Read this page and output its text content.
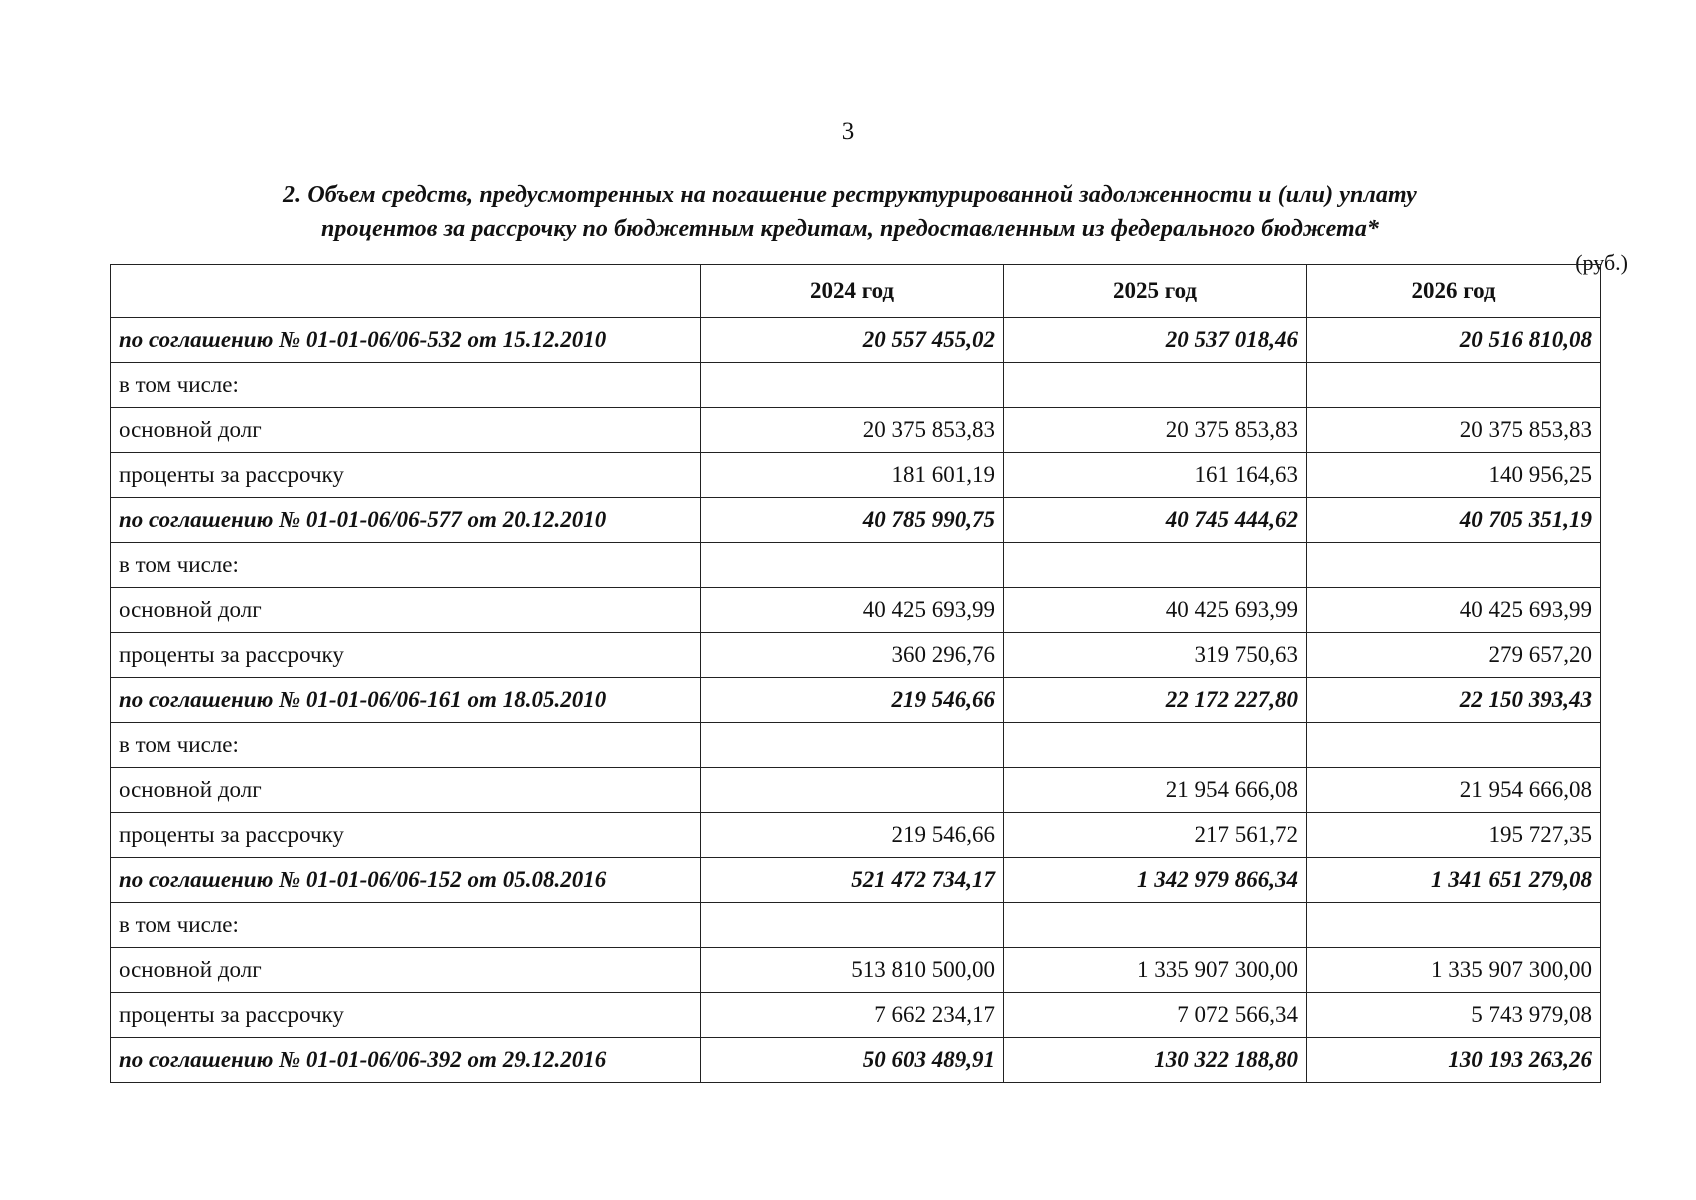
3
2. Объем средств, предусмотренных на погашение реструктурированной задолженности и (или) уплату
процентов за рассрочку по бюджетным кредитам, предоставленным из федерального бюджета*
(руб.)
	2024 год	2025 год	2026 год
по соглашению № 01-01-06/06-532 от 15.12.2010	20 557 455,02	20 537 018,46	20 516 810,08
в том числе:			
основной долг	20 375 853,83	20 375 853,83	20 375 853,83
проценты за рассрочку	181 601,19	161 164,63	140 956,25
по соглашению № 01-01-06/06-577 от 20.12.2010	40 785 990,75	40 745 444,62	40 705 351,19
в том числе:			
основной долг	40 425 693,99	40 425 693,99	40 425 693,99
проценты за рассрочку	360 296,76	319 750,63	279 657,20
по соглашению № 01-01-06/06-161 от 18.05.2010	219 546,66	22 172 227,80	22 150 393,43
в том числе:			
основной долг		21 954 666,08	21 954 666,08
проценты за рассрочку	219 546,66	217 561,72	195 727,35
по соглашению № 01-01-06/06-152 от 05.08.2016	521 472 734,17	1 342 979 866,34	1 341 651 279,08
в том числе:			
основной долг	513 810 500,00	1 335 907 300,00	1 335 907 300,00
проценты за рассрочку	7 662 234,17	7 072 566,34	5 743 979,08
по соглашению № 01-01-06/06-392 от 29.12.2016	50 603 489,91	130 322 188,80	130 193 263,26
